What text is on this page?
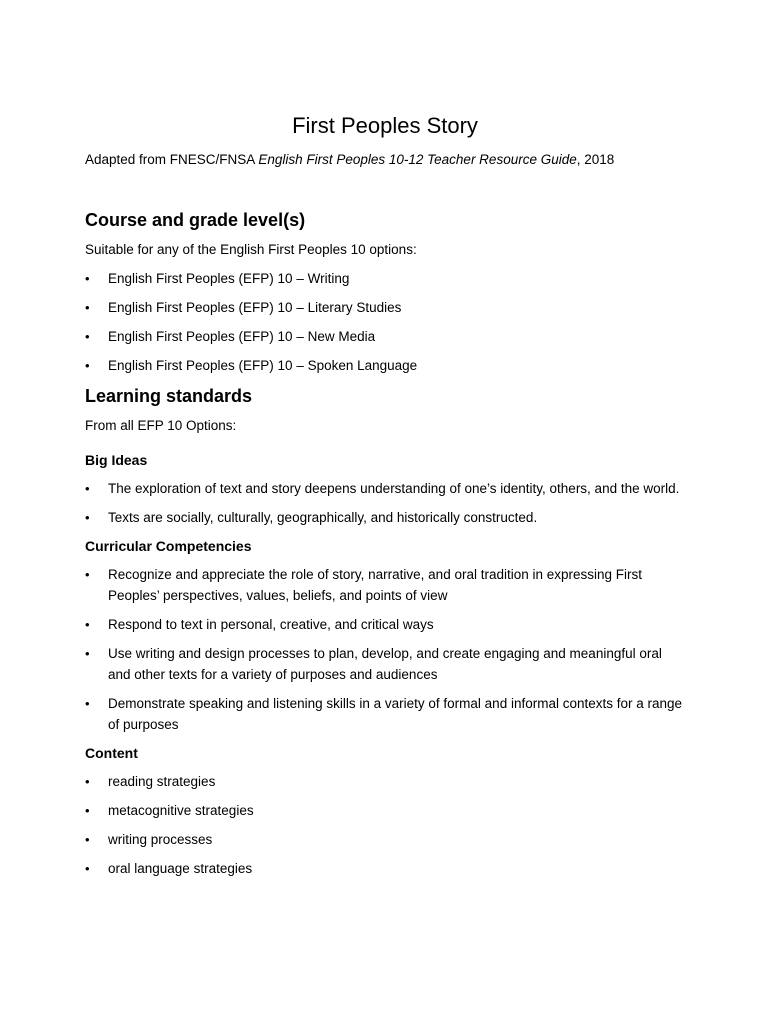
First Peoples Story

Adapted from FNESC/FNSA English First Peoples 10-12 Teacher Resource Guide, 2018

Course and grade level(s)

Suitable for any of the English First Peoples 10 options:

• English First Peoples (EFP) 10 – Writing
• English First Peoples (EFP) 10 – Literary Studies
• English First Peoples (EFP) 10 – New Media
• English First Peoples (EFP) 10 – Spoken Language
Learning standards

From all EFP 10 Options:

Big Ideas
• The exploration of text and story deepens understanding of one’s identity, others, and the world.
• Texts are socially, culturally, geographically, and historically constructed.
Curricular Competencies
• Recognize and appreciate the role of story, narrative, and oral tradition in expressing First Peoples’ perspectives, values, beliefs, and points of view
• Respond to text in personal, creative, and critical ways
• Use writing and design processes to plan, develop, and create engaging and meaningful oral and other texts for a variety of purposes and audiences
• Demonstrate speaking and listening skills in a variety of formal and informal contexts for a range of purposes
Content
• reading strategies
• metacognitive strategies
• writing processes
• oral language strategies
